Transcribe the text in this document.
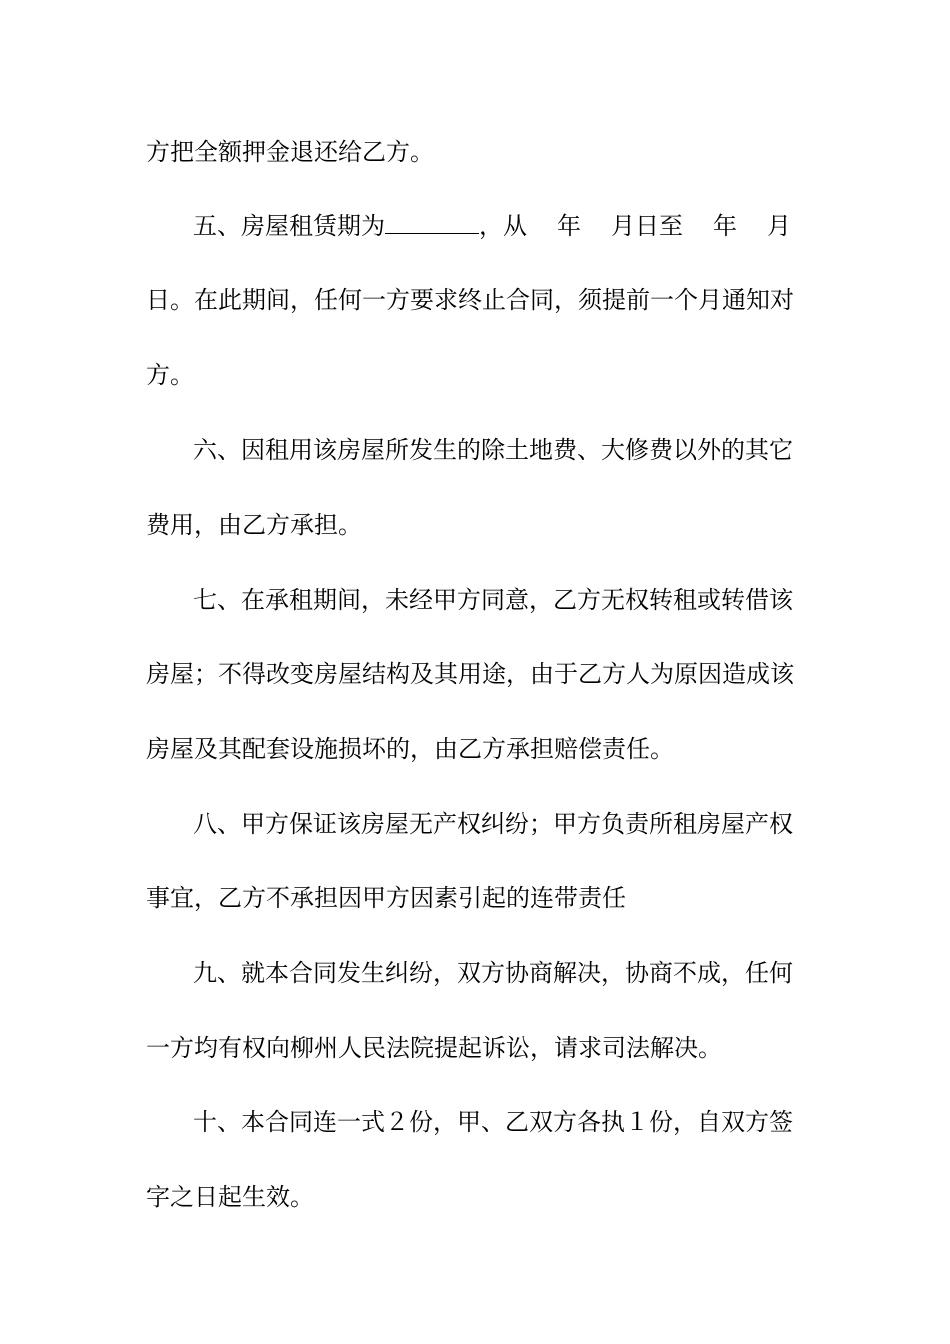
方把全额押金退还给乙方。
五、房屋租赁期为	，从 年 月日至 年 月
日。在此期间，任何一方要求终止合同，须提前一个月通知对
方。
六、因租用该房屋所发生的除土地费、大修费以外的其它
费用，由乙方承担。
七、在承租期间，未经甲方同意，乙方无权转租或转借该
房屋；不得改变房屋结构及其用途，由于乙方人为原因造成该
房屋及其配套设施损坏的，由乙方承担赔偿责任。
八、甲方保证该房屋无产权纠纷；甲方负责所租房屋产权
事宜，乙方不承担因甲方因素引起的连带责任
九、就本合同发生纠纷，双方协商解决，协商不成，任何
一方均有权向柳州人民法院提起诉讼，请求司法解决。
十、本合同连一式２份，甲、乙双方各执１份，自双方签
字之日起生效。
